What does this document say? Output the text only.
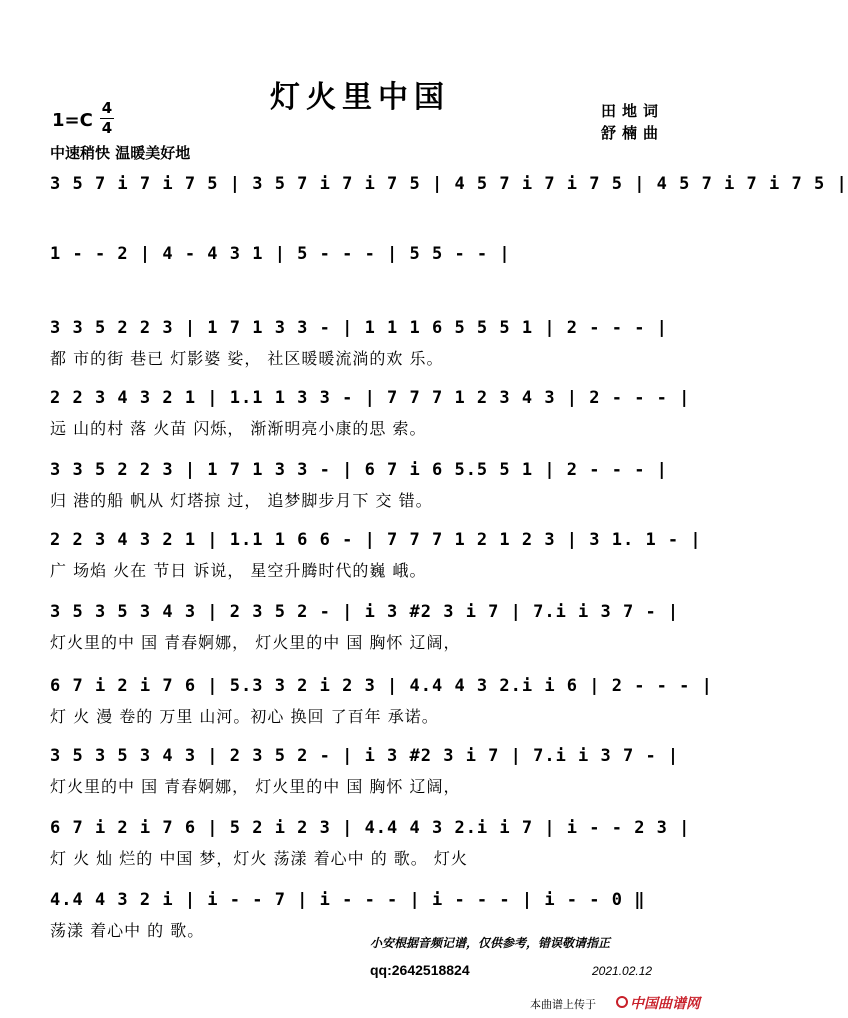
灯火里中国
1=C
4
4
田地词
舒楠曲
中速稍快 温暖美好地
3 5 7 i 7 i 7 5 | 3 5 7 i 7 i 7 5 | 4 5 7 i 7 i 7 5 | 4 5 7 i 7 i 7 5 |
1 - - 2 | 4 - 4 3 1 | 5 - - - | 5 5 - - |
3 3 5 2 2 3 | 1 7 1 3 3 - | 1 1 1 6 5 5 5 1 | 2 - - - |
都 市的街 巷已 灯影婆 娑， 社区暖暖流淌的欢 乐。
2 2 3 4 3 2 1 | 1.1 1 3 3 - | 7 7 7 1 2 3 4 3 | 2 - - - |
远 山的村 落 火苗 闪烁， 渐渐明亮小康的思 索。
3 3 5 2 2 3 | 1 7 1 3 3 - | 6 7 i 6 5.5 5 1 | 2 - - - |
归 港的船 帆从 灯塔掠 过， 追梦脚步月下 交 错。
2 2 3 4 3 2 1 | 1.1 1 6 6 - | 7 7 7 1 2 1 2 3 | 3 1. 1 - |
广 场焰 火在 节日 诉说， 星空升腾时代的巍 峨。
3 5 3 5 3 4 3 | 2 3 5 2 - | i 3 #2 3 i 7 | 7.i i 3 7 - |
灯火里的中 国 青春婀娜， 灯火里的中 国 胸怀 辽阔，
6 7 i 2 i 7 6 | 5.3 3 2 i 2 3 | 4.4 4 3 2.i i 6 | 2 - - - |
灯 火 漫 卷的 万里 山河。初心 换回 了百年 承诺。
3 5 3 5 3 4 3 | 2 3 5 2 - | i 3 #2 3 i 7 | 7.i i 3 7 - |
灯火里的中 国 青春婀娜， 灯火里的中 国 胸怀 辽阔，
6 7 i 2 i 7 6 | 5 2 i 2 3 | 4.4 4 3 2.i i 7 | i - - 2 3 |
灯 火 灿 烂的 中国 梦，灯火 荡漾 着心中 的 歌。 灯火
4.4 4 3 2 i | i - - 7 | i - - - | i - - - | i - - 0 ‖
荡漾 着心中 的 歌。
小安根据音频记谱，仅供参考，错误敬请指正
qq:2642518824	2021.02.12
本曲谱上传于 中国曲谱网
